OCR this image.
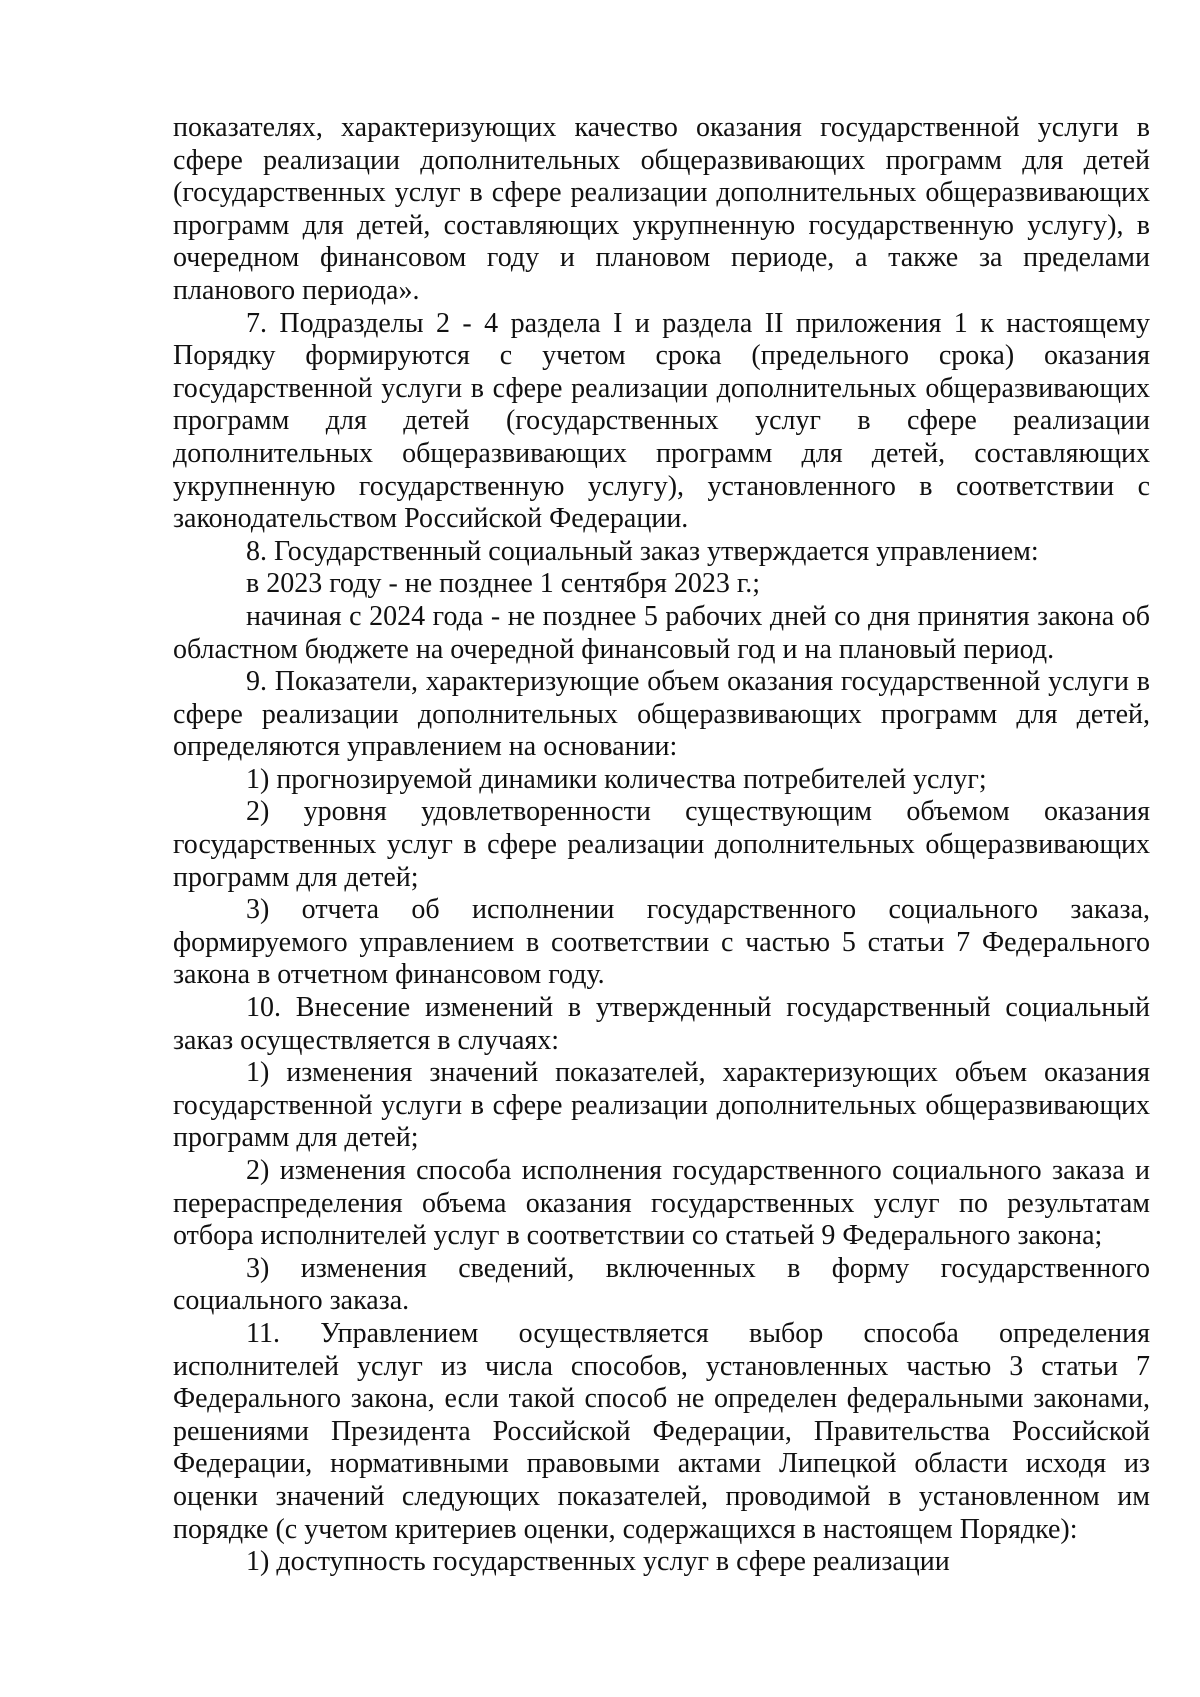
показателях, характеризующих качество оказания государственной услуги в сфере реализации дополнительных общеразвивающих программ для детей (государственных услуг в сфере реализации дополнительных общеразвивающих программ для детей, составляющих укрупненную государственную услугу), в очередном финансовом году и плановом периоде, а также за пределами планового периода».

7. Подразделы 2 - 4 раздела I и раздела II приложения 1 к настоящему Порядку формируются с учетом срока (предельного срока) оказания государственной услуги в сфере реализации дополнительных общеразвивающих программ для детей (государственных услуг в сфере реализации дополнительных общеразвивающих программ для детей, составляющих укрупненную государственную услугу), установленного в соответствии с законодательством Российской Федерации.

8. Государственный социальный заказ утверждается управлением:

в 2023 году - не позднее 1 сентября 2023 г.;

начиная с 2024 года - не позднее 5 рабочих дней со дня принятия закона об областном бюджете на очередной финансовый год и на плановый период.

9. Показатели, характеризующие объем оказания государственной услуги в сфере реализации дополнительных общеразвивающих программ для детей, определяются управлением на основании:

1) прогнозируемой динамики количества потребителей услуг;

2) уровня удовлетворенности существующим объемом оказания государственных услуг в сфере реализации дополнительных общеразвивающих программ для детей;

3) отчета об исполнении государственного социального заказа, формируемого управлением в соответствии с частью 5 статьи 7 Федерального закона в отчетном финансовом году.

10. Внесение изменений в утвержденный государственный социальный заказ осуществляется в случаях:

1) изменения значений показателей, характеризующих объем оказания государственной услуги в сфере реализации дополнительных общеразвивающих программ для детей;

2) изменения способа исполнения государственного социального заказа и перераспределения объема оказания государственных услуг по результатам отбора исполнителей услуг в соответствии со статьей 9 Федерального закона;

3) изменения сведений, включенных в форму государственного социального заказа.

11. Управлением осуществляется выбор способа определения исполнителей услуг из числа способов, установленных частью 3 статьи 7 Федерального закона, если такой способ не определен федеральными законами, решениями Президента Российской Федерации, Правительства Российской Федерации, нормативными правовыми актами Липецкой области исходя из оценки значений следующих показателей, проводимой в установленном им порядке (с учетом критериев оценки, содержащихся в настоящем Порядке):

1) доступность государственных услуг в сфере реализации
